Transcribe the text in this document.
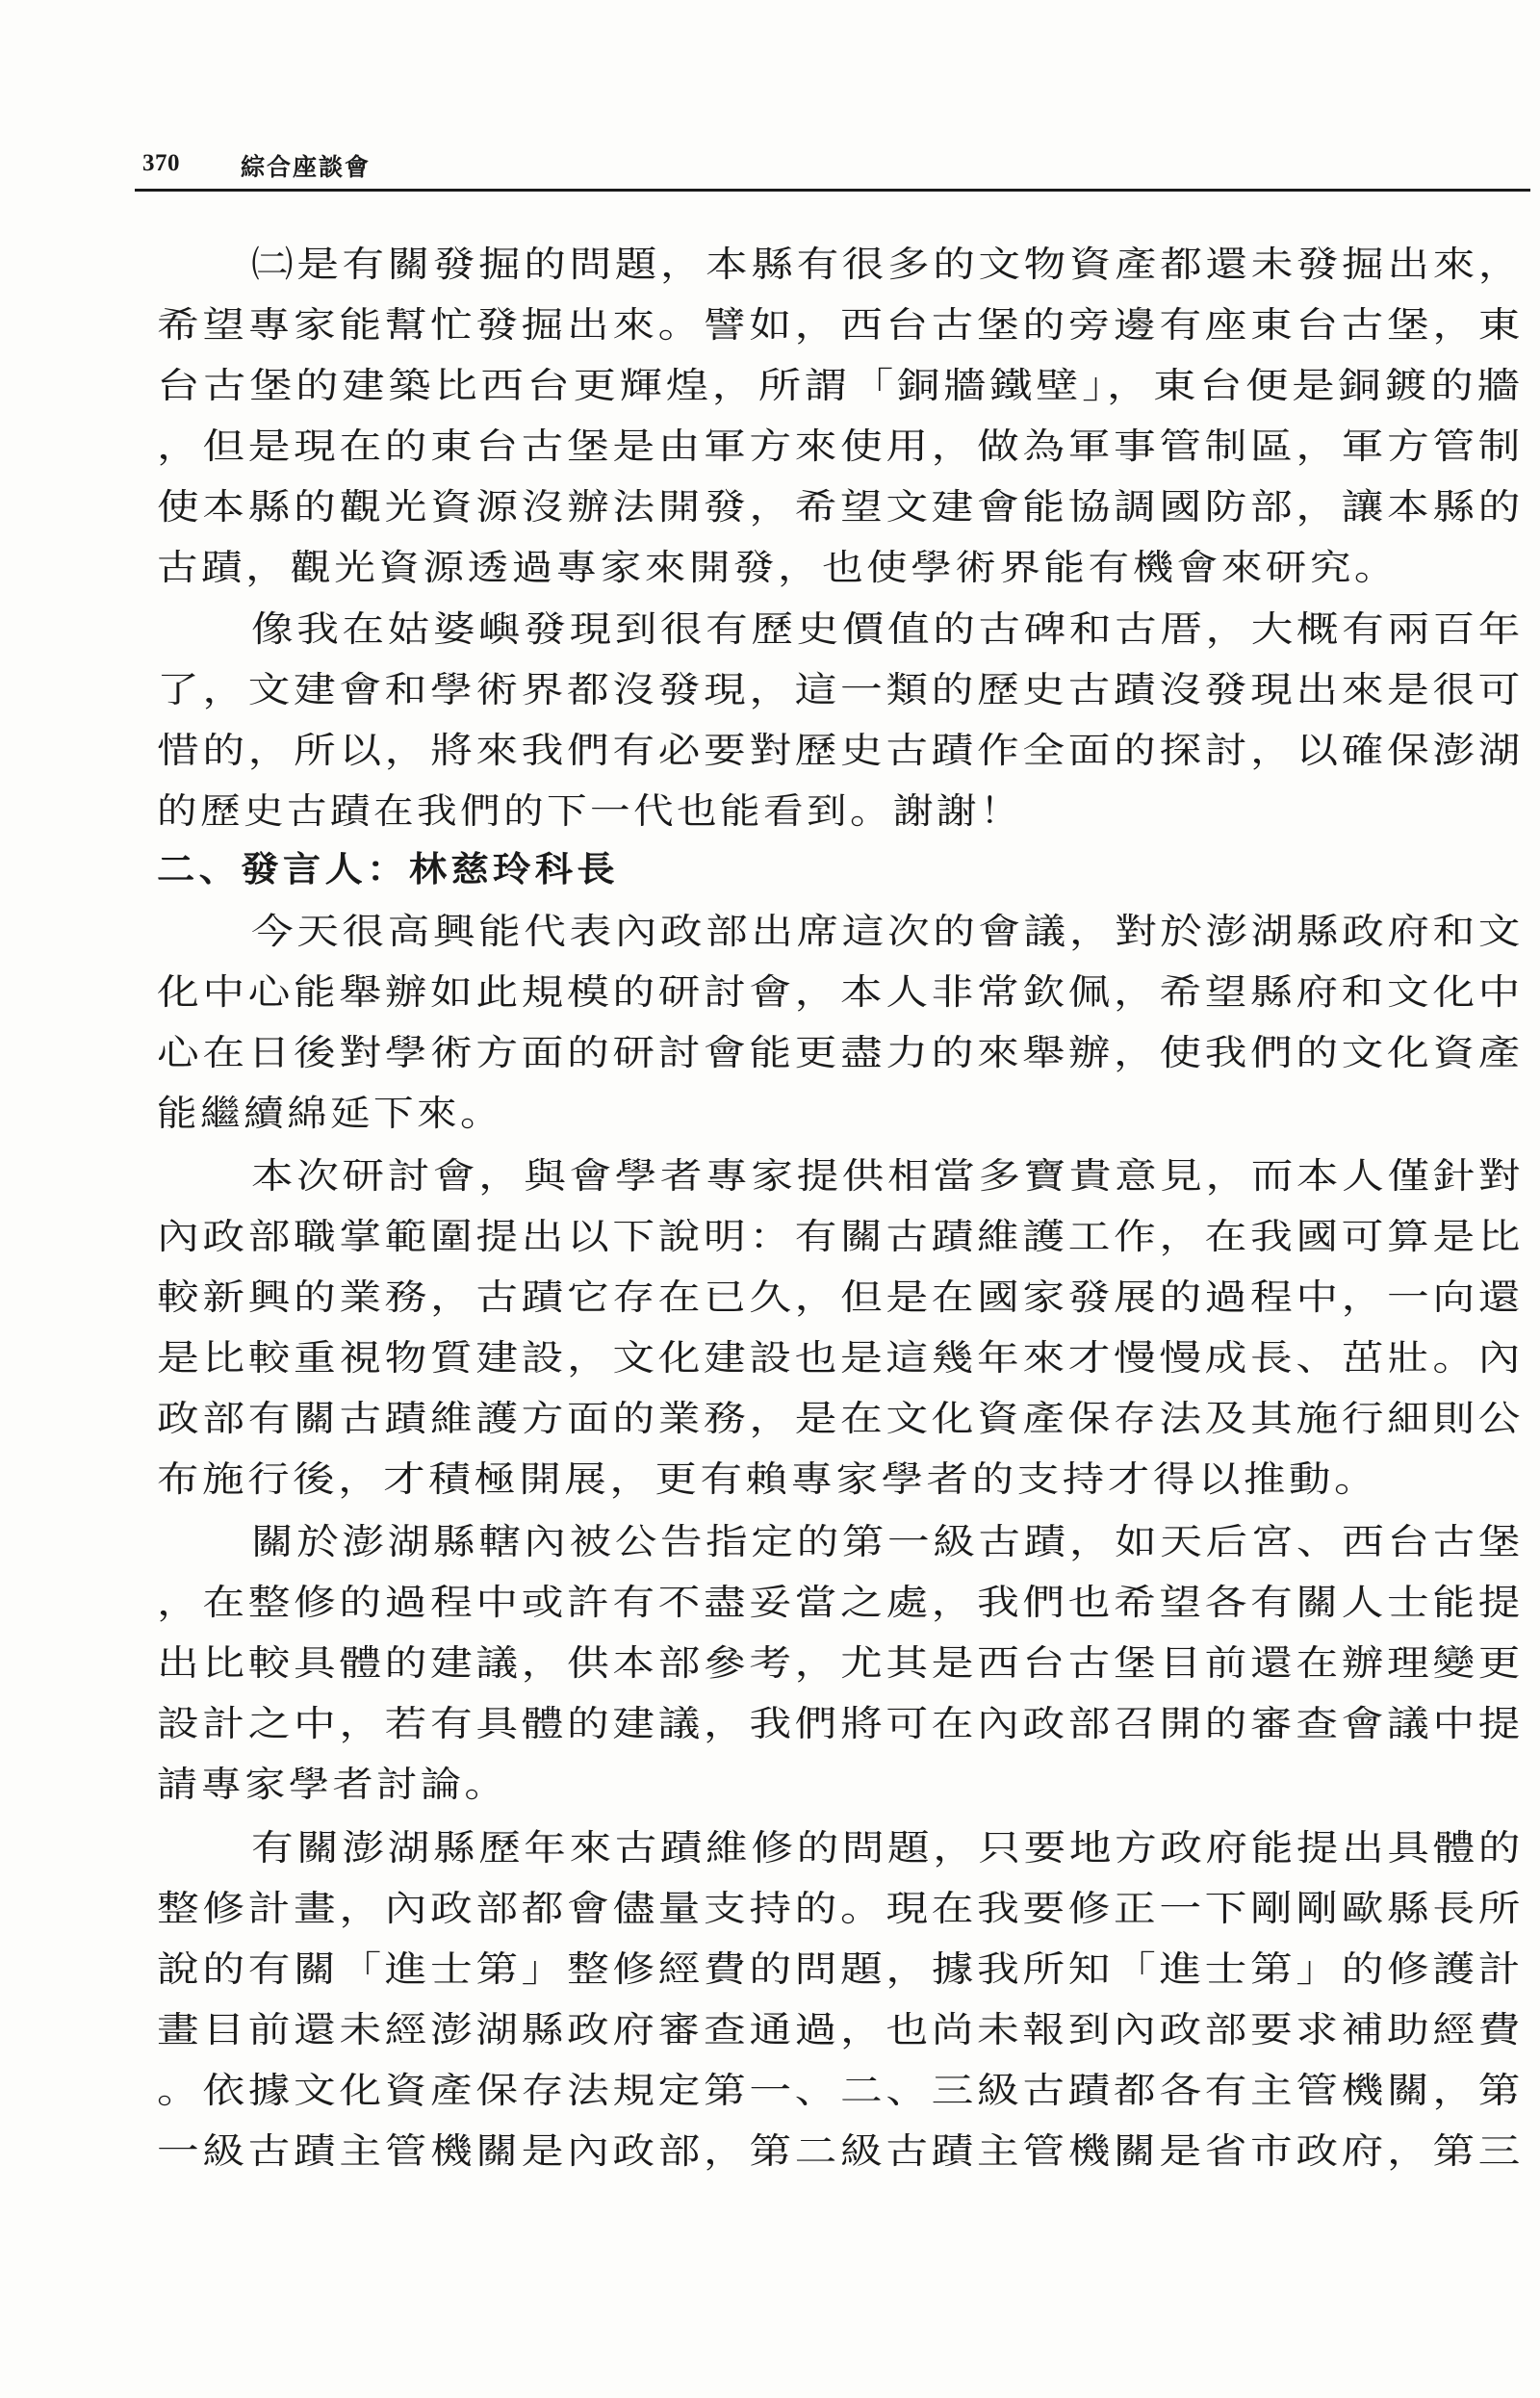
370	綜合座談會
㈡是有關發掘的問題，本縣有很多的文物資產都還未發掘出來，
希望專家能幫忙發掘出來。譬如，西台古堡的旁邊有座東台古堡，東
台古堡的建築比西台更輝煌，所謂「銅牆鐵壁」，東台便是銅鍍的牆
，但是現在的東台古堡是由軍方來使用，做為軍事管制區，軍方管制
使本縣的觀光資源沒辦法開發，希望文建會能協調國防部，讓本縣的
古蹟，觀光資源透過專家來開發，也使學術界能有機會來研究。
像我在姑婆嶼發現到很有歷史價值的古碑和古厝，大概有兩百年
了，文建會和學術界都沒發現，這一類的歷史古蹟沒發現出來是很可
惜的，所以，將來我們有必要對歷史古蹟作全面的探討，以確保澎湖
的歷史古蹟在我們的下一代也能看到。謝謝！
二、發言人：林慈玲科長
今天很高興能代表內政部出席這次的會議，對於澎湖縣政府和文
化中心能舉辦如此規模的研討會，本人非常欽佩，希望縣府和文化中
心在日後對學術方面的研討會能更盡力的來舉辦，使我們的文化資產
能繼續綿延下來。
本次研討會，與會學者專家提供相當多寶貴意見，而本人僅針對
內政部職掌範圍提出以下說明：有關古蹟維護工作，在我國可算是比
較新興的業務，古蹟它存在已久，但是在國家發展的過程中，一向還
是比較重視物質建設，文化建設也是這幾年來才慢慢成長、茁壯。內
政部有關古蹟維護方面的業務，是在文化資產保存法及其施行細則公
布施行後，才積極開展，更有賴專家學者的支持才得以推動。
關於澎湖縣轄內被公告指定的第一級古蹟，如天后宮、西台古堡
，在整修的過程中或許有不盡妥當之處，我們也希望各有關人士能提
出比較具體的建議，供本部參考，尤其是西台古堡目前還在辦理變更
設計之中，若有具體的建議，我們將可在內政部召開的審查會議中提
請專家學者討論。
有關澎湖縣歷年來古蹟維修的問題，只要地方政府能提出具體的
整修計畫，內政部都會儘量支持的。現在我要修正一下剛剛歐縣長所
說的有關「進士第」整修經費的問題，據我所知「進士第」的修護計
畫目前還未經澎湖縣政府審查通過，也尚未報到內政部要求補助經費
。依據文化資產保存法規定第一、二、三級古蹟都各有主管機關，第
一級古蹟主管機關是內政部，第二級古蹟主管機關是省市政府，第三
